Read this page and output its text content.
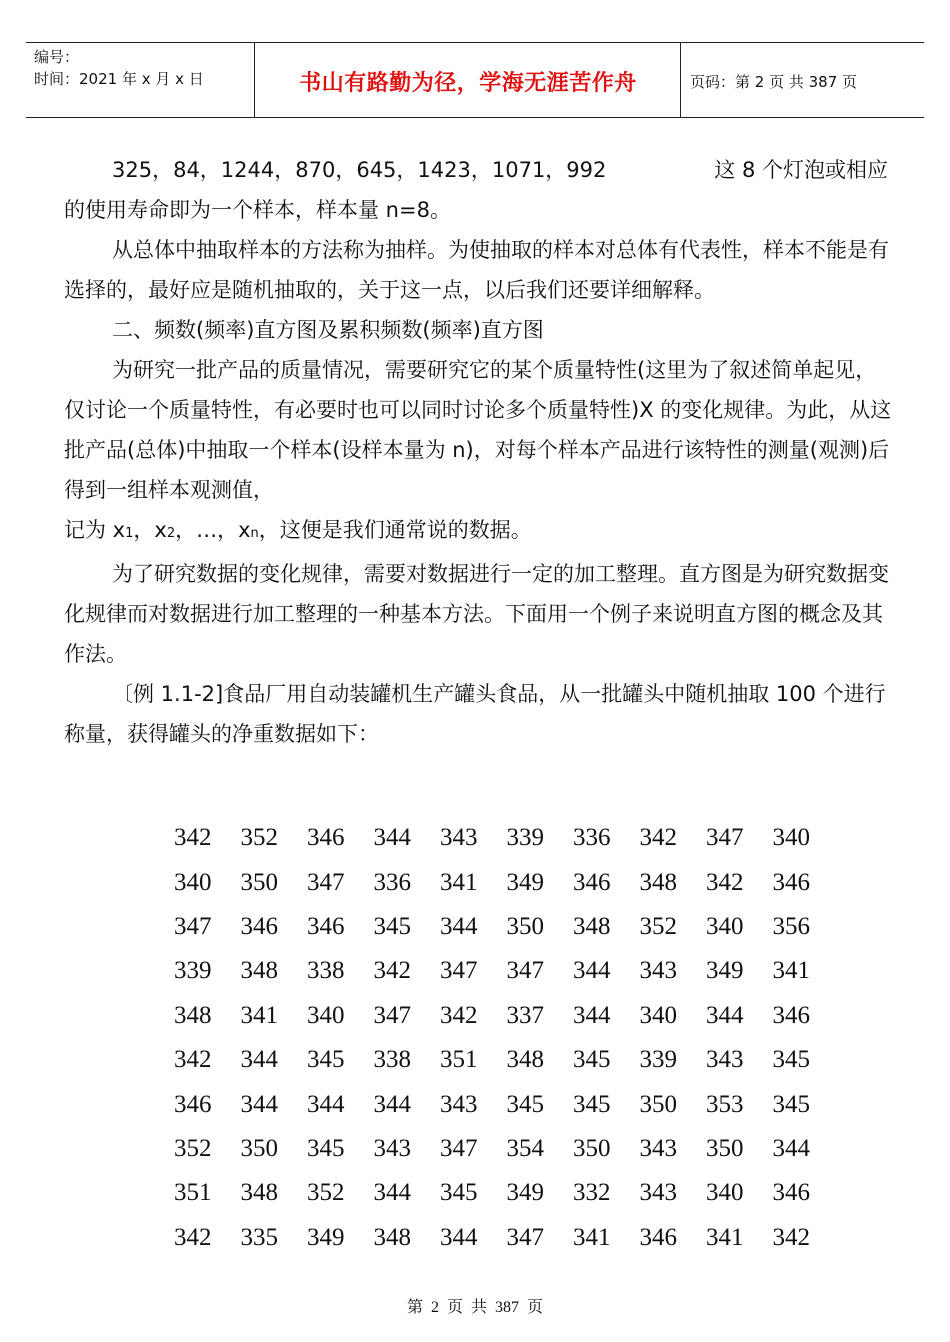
编号：
时间：2021 年 x 月 x 日	书山有路勤为径，学海无涯苦作舟	页码：第 2 页 共 387 页

325，84，1244，870，645，1423，1071，992	这 8 个灯泡或相应

的使用寿命即为一个样本，样本量 n=8。

从总体中抽取样本的方法称为抽样。为使抽取的样本对总体有代表性，样本不能是有选择的，最好应是随机抽取的，关于这一点，以后我们还要详细解释。

二、频数(频率)直方图及累积频数(频率)直方图

为研究一批产品的质量情况，需要研究它的某个质量特性(这里为了叙述简单起见，仅讨论一个质量特性，有必要时也可以同时讨论多个质量特性)X 的变化规律。为此，从这批产品(总体)中抽取一个样本(设样本量为 n)，对每个样本产品进行该特性的测量(观测)后得到一组样本观测值，

记为 x1，x2，…，xn，这便是我们通常说的数据。

为了研究数据的变化规律，需要对数据进行一定的加工整理。直方图是为研究数据变化规律而对数据进行加工整理的一种基本方法。下面用一个例子来说明直方图的概念及其作法。

〔例 1.1-2]食品厂用自动装罐机生产罐头食品，从一批罐头中随机抽取 100 个进行称量，获得罐头的净重数据如下：

342	352	346	344	343	339	336	342	347	340
340	350	347	336	341	349	346	348	342	346
347	346	346	345	344	350	348	352	340	356
339	348	338	342	347	347	344	343	349	341
348	341	340	347	342	337	344	340	344	346
342	344	345	338	351	348	345	339	343	345
346	344	344	344	343	345	345	350	353	345
352	350	345	343	347	354	350	343	350	344
351	348	352	344	345	349	332	343	340	346
342	335	349	348	344	347	341	346	341	342
第 2 页 共 387 页
